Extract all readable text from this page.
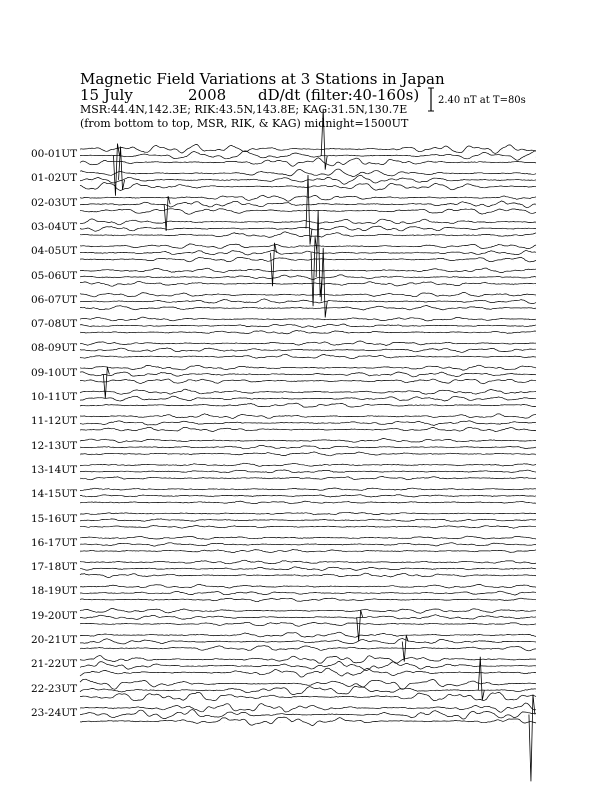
Magnetic Field Variations at 3 Stations in Japan
15 July	2008 dD/dt (filter:40-160s)
MSR:44.4N,142.3E; RIK:43.5N,143.8E; KAG:31.5N,130.7E
(from bottom to top, MSR, RIK, & KAG) midnight=1500UT
2.40 nT at T=80s
00-01UT
01-02UT
02-03UT
03-04UT
04-05UT
05-06UT
06-07UT
07-08UT
08-09UT
09-10UT
10-11UT
11-12UT
12-13UT
13-14UT
14-15UT
15-16UT
16-17UT
17-18UT
18-19UT
19-20UT
20-21UT
21-22UT
22-23UT
23-24UT
